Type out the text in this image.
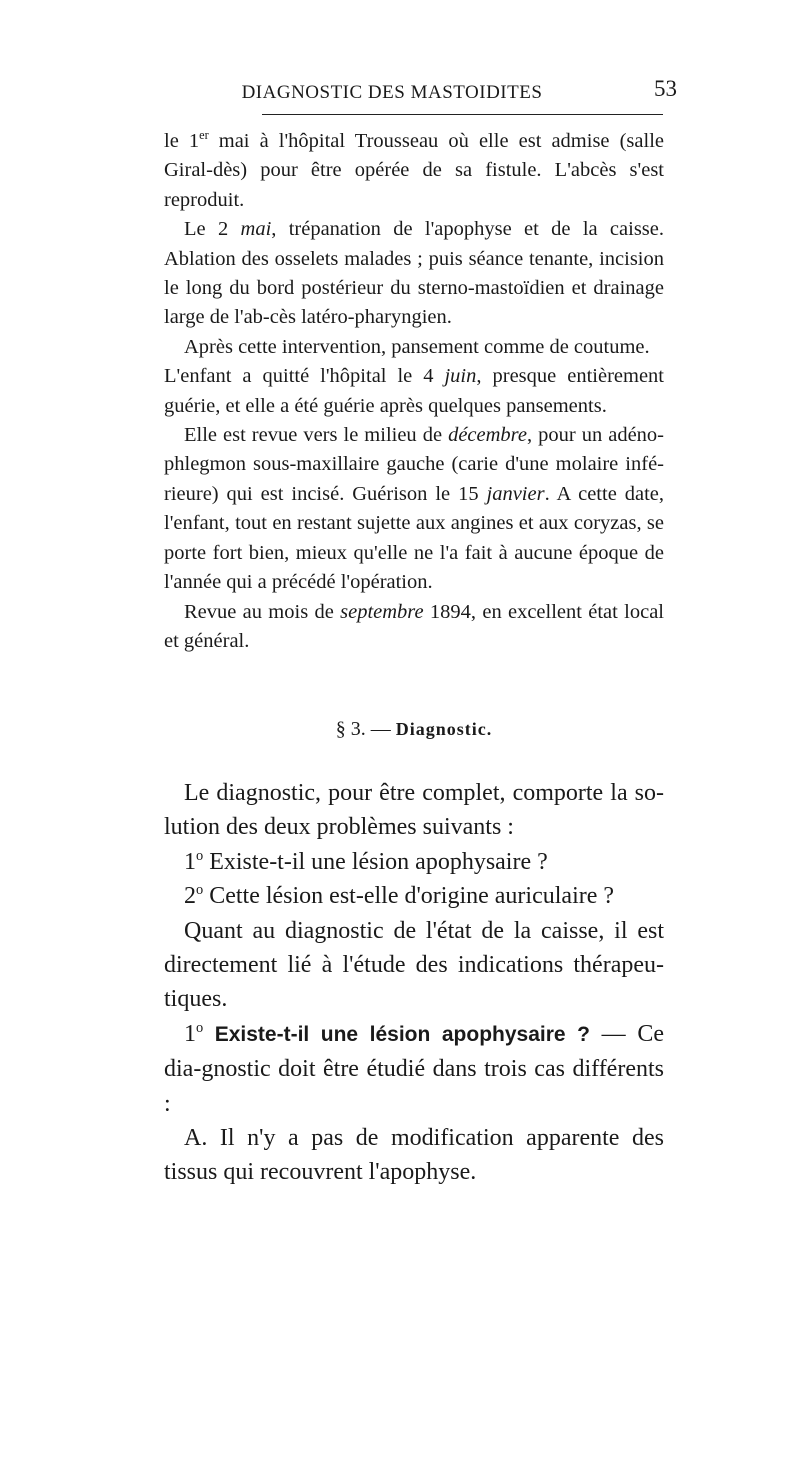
DIAGNOSTIC DES MASTOIDITES	53

le 1er mai à l'hôpital Trousseau où elle est admise (salle Giral-dès) pour être opérée de sa fistule. L'abcès s'est reproduit.

Le 2 mai, trépanation de l'apophyse et de la caisse. Ablation des osselets malades ; puis séance tenante, incision le long du bord postérieur du sterno-mastoïdien et drainage large de l'ab-cès latéro-pharyngien.

Après cette intervention, pansement comme de coutume.

L'enfant a quitté l'hôpital le 4 juin, presque entièrement guérie, et elle a été guérie après quelques pansements.

Elle est revue vers le milieu de décembre, pour un adéno-phlegmon sous-maxillaire gauche (carie d'une molaire infé-rieure) qui est incisé. Guérison le 15 janvier. A cette date, l'enfant, tout en restant sujette aux angines et aux coryzas, se porte fort bien, mieux qu'elle ne l'a fait à aucune époque de l'année qui a précédé l'opération.

Revue au mois de septembre 1894, en excellent état local et général.

§ 3. — Diagnostic.

Le diagnostic, pour être complet, comporte la so-lution des deux problèmes suivants :

1$^o$ Existe-t-il une lésion apophysaire ?

2$^o$ Cette lésion est-elle d'origine auriculaire ?

Quant au diagnostic de l'état de la caisse, il est directement lié à l'étude des indications thérapeu-tiques.

1$^o$ Existe-t-il une lésion apophysaire ? — Ce dia-gnostic doit être étudié dans trois cas différents :

A. Il n'y a pas de modification apparente des tissus qui recouvrent l'apophyse.
